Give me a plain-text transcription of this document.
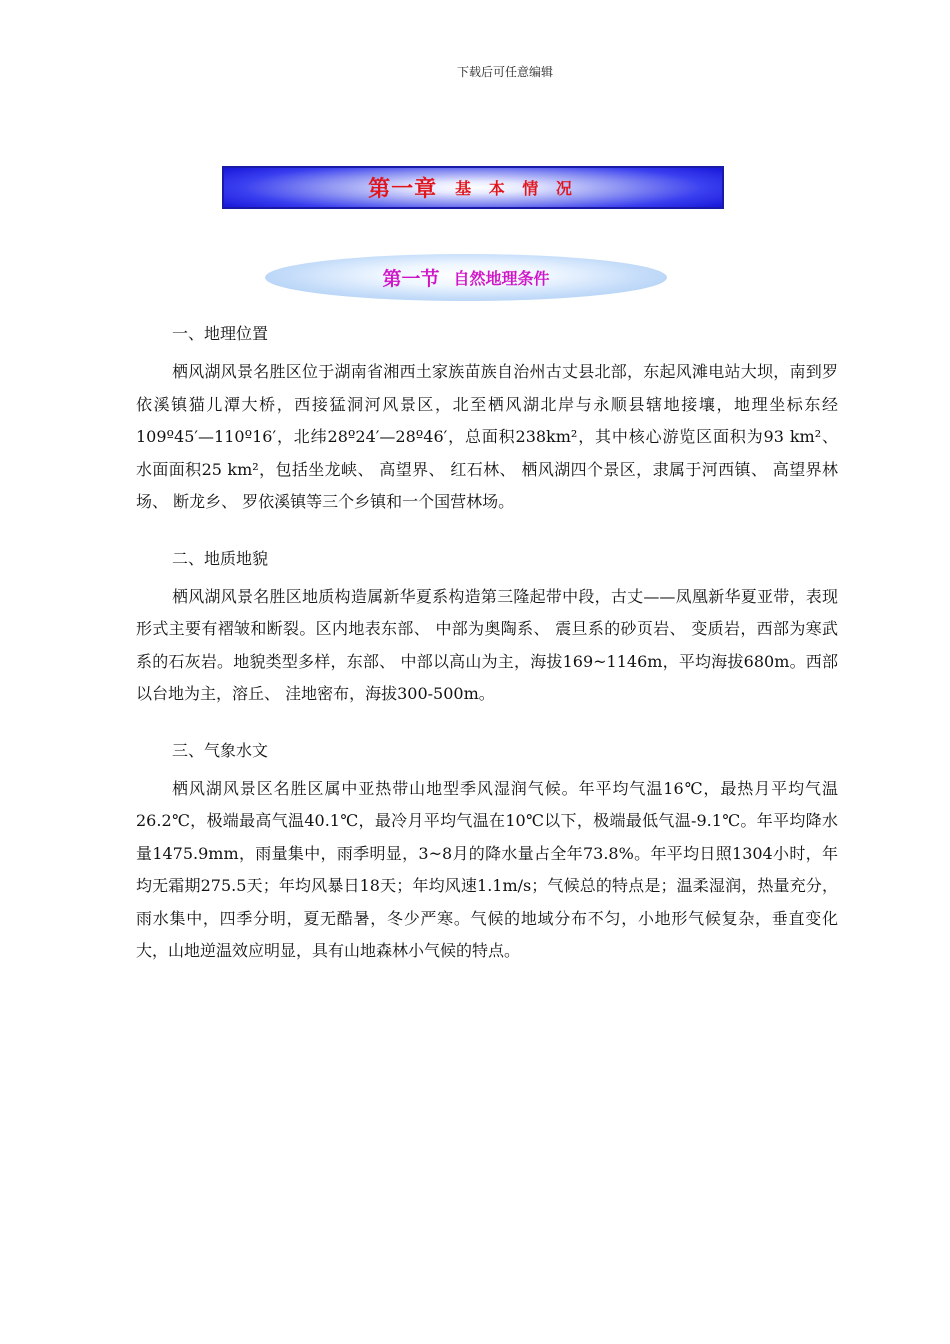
下载后可任意编辑
第一章 基 本 情 况
第一节 自然地理条件
一、地理位置

栖风湖风景名胜区位于湖南省湘西土家族苗族自治州古丈县北部，东起风滩电站大坝，南到罗依溪镇猫儿潭大桥，西接猛洞河风景区，北至栖风湖北岸与永顺县辖地接壤，地理坐标东经109º45′—110º16′，北纬28º24′—28º46′，总面积238km²，其中核心游览区面积为93 km²、 水面面积25 km²，包括坐龙峡、 高望界、 红石林、 栖风湖四个景区，隶属于河西镇、 高望界林场、 断龙乡、 罗依溪镇等三个乡镇和一个国营林场。

二、地质地貌

栖风湖风景名胜区地质构造属新华夏系构造第三隆起带中段，古丈——凤凰新华夏亚带，表现形式主要有褶皱和断裂。区内地表东部、 中部为奥陶系、 震旦系的砂页岩、 变质岩，西部为寒武系的石灰岩。地貌类型多样，东部、 中部以高山为主，海拔169~1146m，平均海拔680m。西部以台地为主，溶丘、 洼地密布，海拔300-500m。

三、气象水文

栖风湖风景区名胜区属中亚热带山地型季风湿润气候。年平均气温16℃，最热月平均气温26.2℃，极端最高气温40.1℃，最冷月平均气温在10℃以下，极端最低气温-9.1℃。年平均降水量1475.9mm，雨量集中，雨季明显，3~8月的降水量占全年73.8%。年平均日照1304小时，年均无霜期275.5天；年均风暴日18天；年均风速1.1m/s；气候总的特点是；温柔湿润，热量充分，雨水集中，四季分明，夏无酷暑，冬少严寒。气候的地域分布不匀，小地形气候复杂，垂直变化大，山地逆温效应明显，具有山地森林小气候的特点。
